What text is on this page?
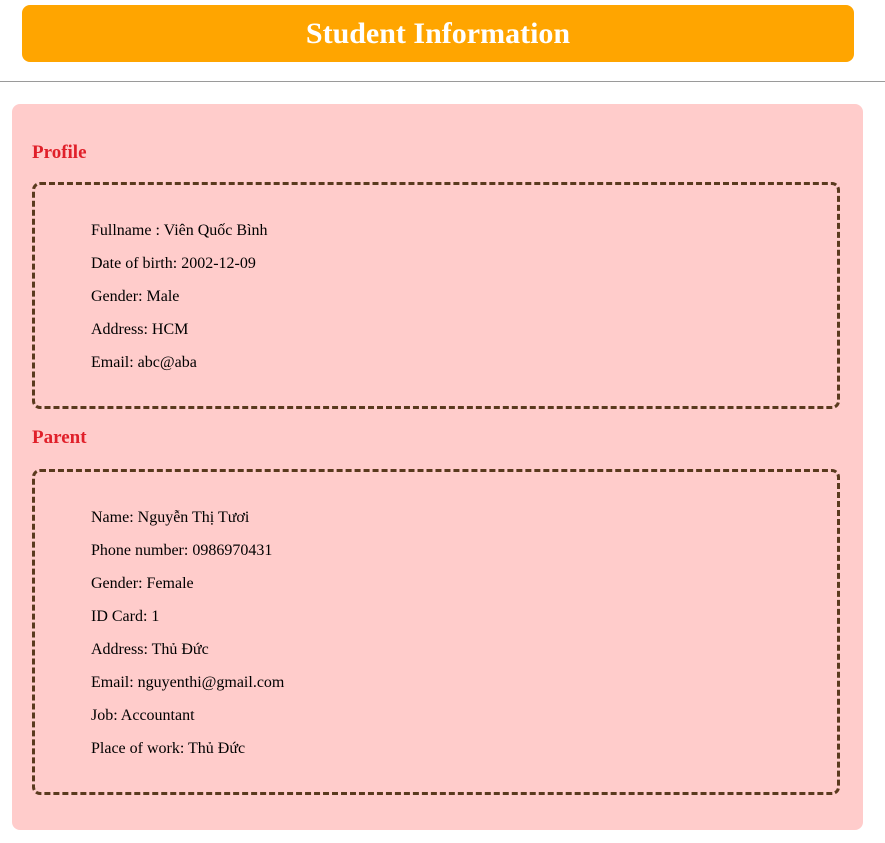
Student Information
Profile
Fullname : Viên Quốc Bình
Date of birth: 2002-12-09
Gender: Male
Address: HCM
Email: abc@aba
Parent
Name: Nguyễn Thị Tươi
Phone number: 0986970431
Gender: Female
ID Card: 1
Address: Thủ Đức
Email: nguyenthi@gmail.com
Job: Accountant
Place of work: Thủ Đức
